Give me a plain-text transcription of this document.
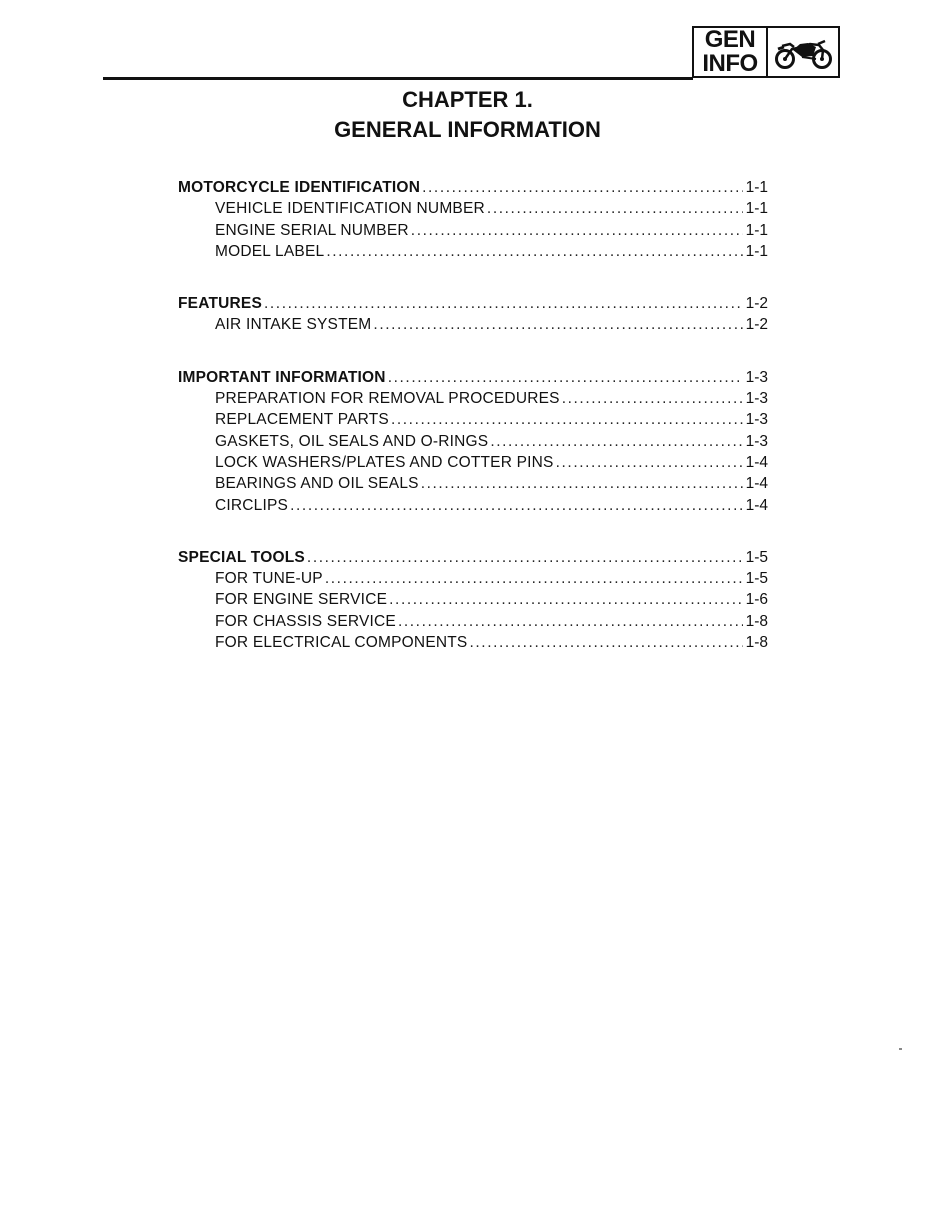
GEN
INFO
CHAPTER 1.
GENERAL INFORMATION
MOTORCYCLE IDENTIFICATION .....	1-1
VEHICLE IDENTIFICATION NUMBER .....	1-1
ENGINE SERIAL NUMBER .....	1-1
MODEL LABEL .....	1-1
FEATURES .....	1-2
AIR INTAKE SYSTEM .....	1-2
IMPORTANT INFORMATION .....	1-3
PREPARATION FOR REMOVAL PROCEDURES .....	1-3
REPLACEMENT PARTS .....	1-3
GASKETS, OIL SEALS AND O-RINGS .....	1-3
LOCK WASHERS/PLATES AND COTTER PINS .....	1-4
BEARINGS AND OIL SEALS .....	1-4
CIRCLIPS .....	1-4
SPECIAL TOOLS .....	1-5
FOR TUNE-UP .....	1-5
FOR ENGINE SERVICE .....	1-6
FOR CHASSIS SERVICE .....	1-8
FOR ELECTRICAL COMPONENTS .....	1-8
